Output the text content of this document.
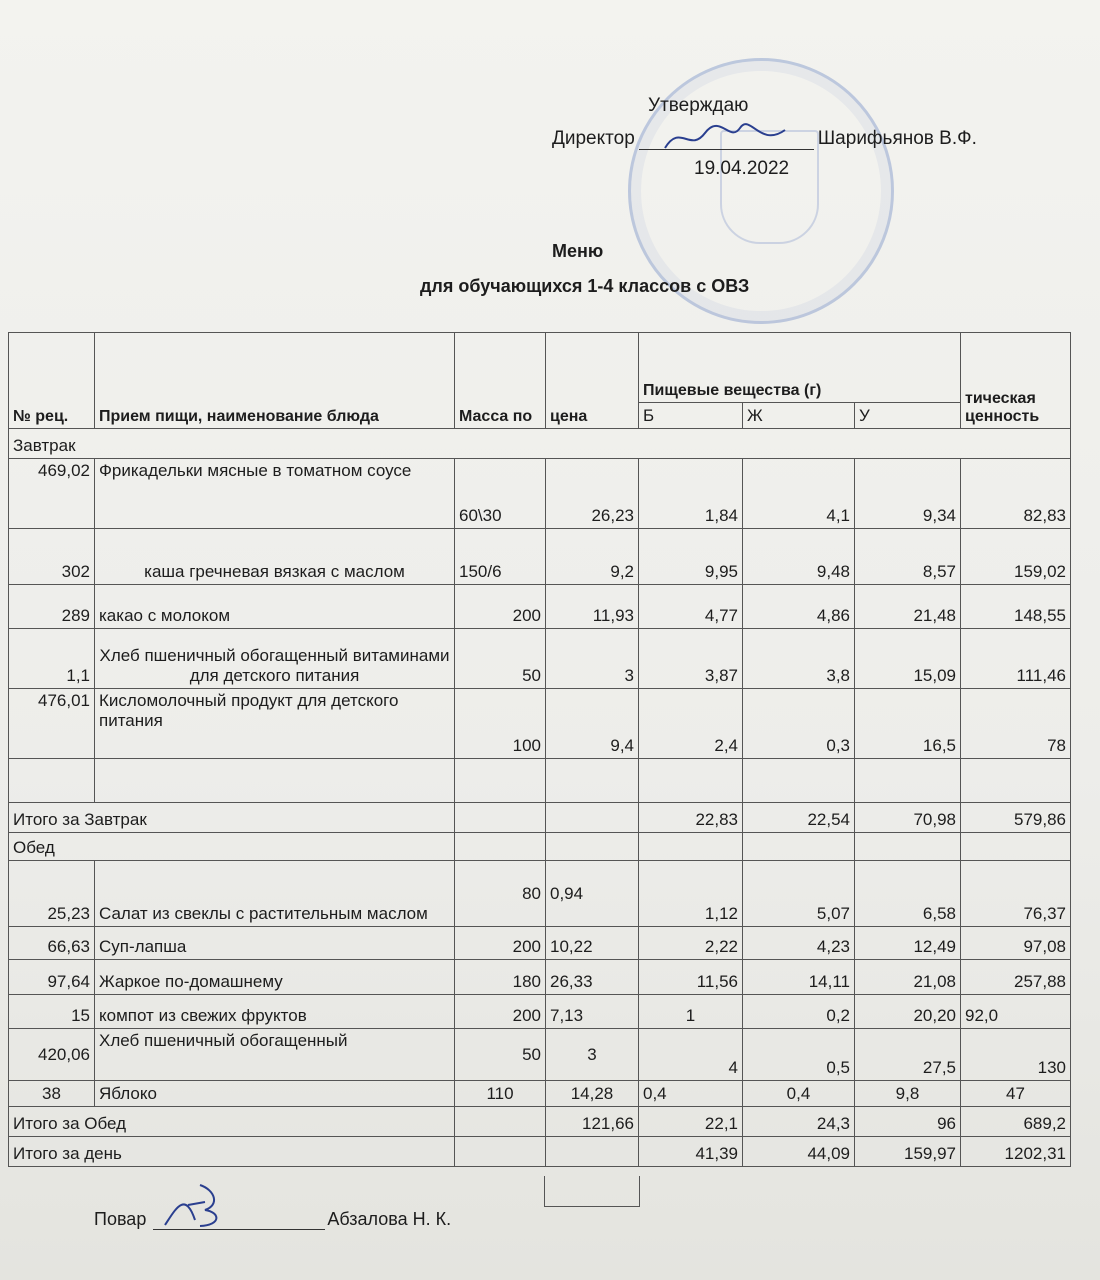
Утверждаю
Директор	Шарифьянов В.Ф.
19.04.2022
Меню
для обучающихся 1-4 классов с ОВЗ
№ рец.	Прием пищи, наименование блюда	Масса по	цена	Пищевые вещества (г)			тическая ценность
				Б	Ж	У	
Завтрак							
469,02	Фрикадельки мясные в томатном соусе	60\30	26,23	1,84	4,1	9,34	82,83
302	каша гречневая вязкая с маслом	150/6	9,2	9,95	9,48	8,57	159,02
289	какао с молоком	200	11,93	4,77	4,86	21,48	148,55
1,1	Хлеб пшеничный обогащенный витаминами для детского питания	50	3	3,87	3,8	15,09	111,46
476,01	Кисломолочный продукт для детского питания	100	9,4	2,4	0,3	16,5	78

Итого за Завтрак				22,83	22,54	70,98	579,86
Обед							
25,23	Салат из свеклы с растительным маслом	80	0,94	1,12	5,07	6,58	76,37
66,63	Суп-лапша	200	10,22	2,22	4,23	12,49	97,08
97,64	Жаркое по-домашнему	180	26,33	11,56	14,11	21,08	257,88
15	компот из свежих фруктов	200	7,13	1	0,2	20,20	92,0
420,06	Хлеб пшеничный обогащенный	50	3	4	0,5	27,5	130
38	Яблоко	110	14,28	0,4	0,4	9,8	47
Итого за Обед			121,66	22,1	24,3	96	689,2
Итого за день				41,39	44,09	159,97	1202,31
Повар	Абзалова Н. К.
